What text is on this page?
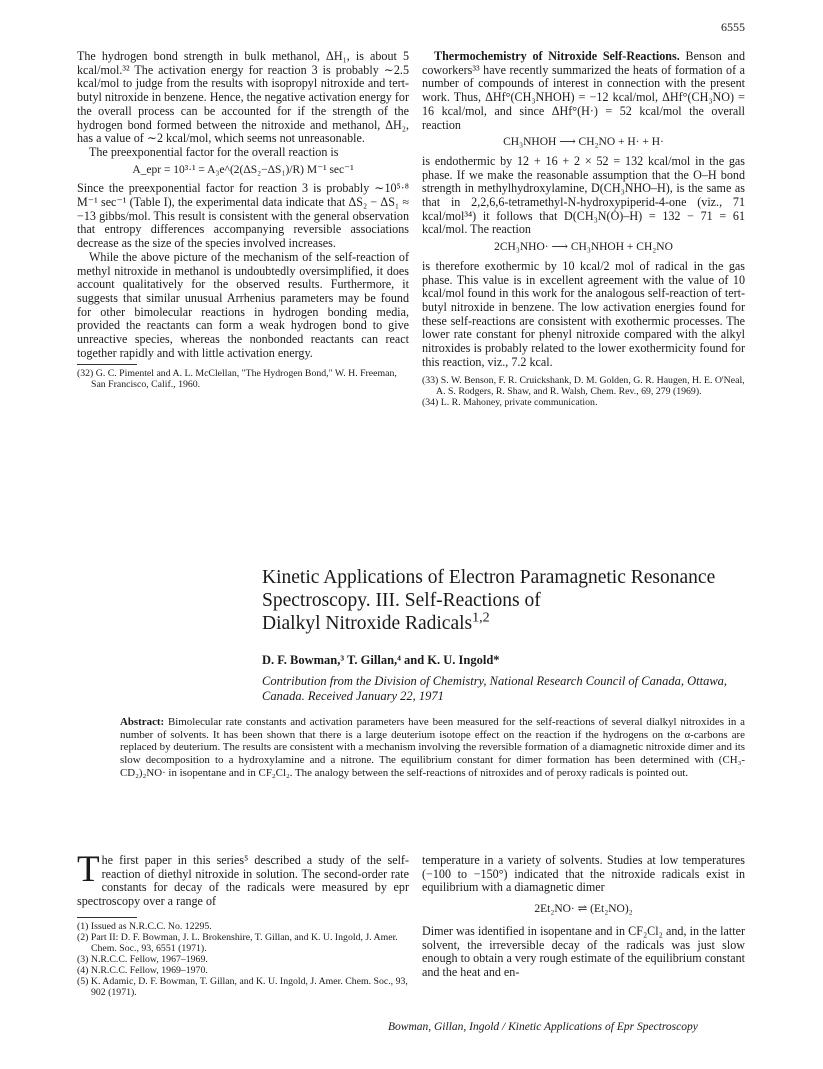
6555

The hydrogen bond strength in bulk methanol, ΔH₁, is about 5 kcal/mol.³² The activation energy for reaction 3 is probably ∼2.5 kcal/mol to judge from the results with isopropyl nitroxide and tert-butyl nitroxide in benzene. Hence, the negative activation energy for the overall process can be accounted for if the strength of the hydrogen bond formed between the nitroxide and methanol, ΔH₂, has a value of ∼2 kcal/mol, which seems not unreasonable.

The preexponential factor for the overall reaction is

A_epr = 10³·¹ = A₃e^(2(ΔS₂−ΔS₁)/R) M⁻¹ sec⁻¹

Since the preexponential factor for reaction 3 is probably ∼10⁵·⁸ M⁻¹ sec⁻¹ (Table I), the experimental data indicate that ΔS₂ − ΔS₁ ≈ −13 gibbs/mol. This result is consistent with the general observation that entropy differences accompanying reversible associations decrease as the size of the species involved increases.

While the above picture of the mechanism of the self-reaction of methyl nitroxide in methanol is undoubtedly oversimplified, it does account qualitatively for the observed results. Furthermore, it suggests that similar unusual Arrhenius parameters may be found for other bimolecular reactions in hydrogen bonding media, provided the reactants can form a weak hydrogen bond to give unreactive species, whereas the nonbonded reactants can react together rapidly and with little activation energy.

(32) G. C. Pimentel and A. L. McClellan, "The Hydrogen Bond," W. H. Freeman, San Francisco, Calif., 1960.

Thermochemistry of Nitroxide Self-Reactions. Benson and coworkers³³ have recently summarized the heats of formation of a number of compounds of interest in connection with the present work. Thus, ΔHf°(CH₃NHOH) = −12 kcal/mol, ΔHf°(CH₃NO) = 16 kcal/mol, and since ΔHf°(H·) = 52 kcal/mol the overall reaction

CH₃NHOH ⟶ CH₂NO + H· + H·

is endothermic by 12 + 16 + 2 × 52 = 132 kcal/mol in the gas phase. If we make the reasonable assumption that the O–H bond strength in methylhydroxylamine, D(CH₃NHO–H), is the same as that in 2,2,6,6-tetramethyl-N-hydroxypiperid-4-one (viz., 71 kcal/mol³⁴) it follows that D(CH₃N(Ȯ)–H) = 132 − 71 = 61 kcal/mol. The reaction

2CH₃NHO· ⟶ CH₃NHOH + CH₂NO

is therefore exothermic by 10 kcal/2 mol of radical in the gas phase. This value is in excellent agreement with the value of 10 kcal/mol found in this work for the analogous self-reaction of tert-butyl nitroxide in benzene. The low activation energies found for these self-reactions are consistent with exothermic processes. The lower rate constant for phenyl nitroxide compared with the alkyl nitroxides is probably related to the lower exothermicity found for this reaction, viz., 7.2 kcal.

(33) S. W. Benson, F. R. Cruickshank, D. M. Golden, G. R. Haugen, H. E. O'Neal, A. S. Rodgers, R. Shaw, and R. Walsh, Chem. Rev., 69, 279 (1969).

(34) L. R. Mahoney, private communication.

Kinetic Applications of Electron Paramagnetic Resonance
Spectroscopy. III. Self-Reactions of
Dialkyl Nitroxide Radicals$^{1,2}$
D. F. Bowman,³ T. Gillan,⁴ and K. U. Ingold*
Contribution from the Division of Chemistry, National Research Council of Canada, Ottawa, Canada. Received January 22, 1971
Abstract: Bimolecular rate constants and activation parameters have been measured for the self-reactions of several dialkyl nitroxides in a number of solvents. It has been shown that there is a large deuterium isotope effect on the reaction if the hydrogens on the α-carbons are replaced by deuterium. The results are consistent with a mechanism involving the reversible formation of a diamagnetic nitroxide dimer and its slow decomposition to a hydroxylamine and a nitrone. The equilibrium constant for dimer formation has been determined with (CH₃-CD₂)₂NO· in isopentane and in CF₂Cl₂. The analogy between the self-reactions of nitroxides and of peroxy radicals is pointed out.

The first paper in this series⁵ described a study of the self-reaction of diethyl nitroxide in solution. The second-order rate constants for decay of the radicals were measured by epr spectroscopy over a range of

(1) Issued as N.R.C.C. No. 12295.

(2) Part II: D. F. Bowman, J. L. Brokenshire, T. Gillan, and K. U. Ingold, J. Amer. Chem. Soc., 93, 6551 (1971).

(3) N.R.C.C. Fellow, 1967–1969.

(4) N.R.C.C. Fellow, 1969–1970.

(5) K. Adamic, D. F. Bowman, T. Gillan, and K. U. Ingold, J. Amer. Chem. Soc., 93, 902 (1971).

temperature in a variety of solvents. Studies at low temperatures (−100 to −150°) indicated that the nitroxide radicals exist in equilibrium with a diamagnetic dimer

2Et₂NO· ⇌ (Et₂NO)₂

Dimer was identified in isopentane and in CF₂Cl₂ and, in the latter solvent, the irreversible decay of the radicals was just slow enough to obtain a very rough estimate of the equilibrium constant and the heat and en-

Bowman, Gillan, Ingold / Kinetic Applications of Epr Spectroscopy
